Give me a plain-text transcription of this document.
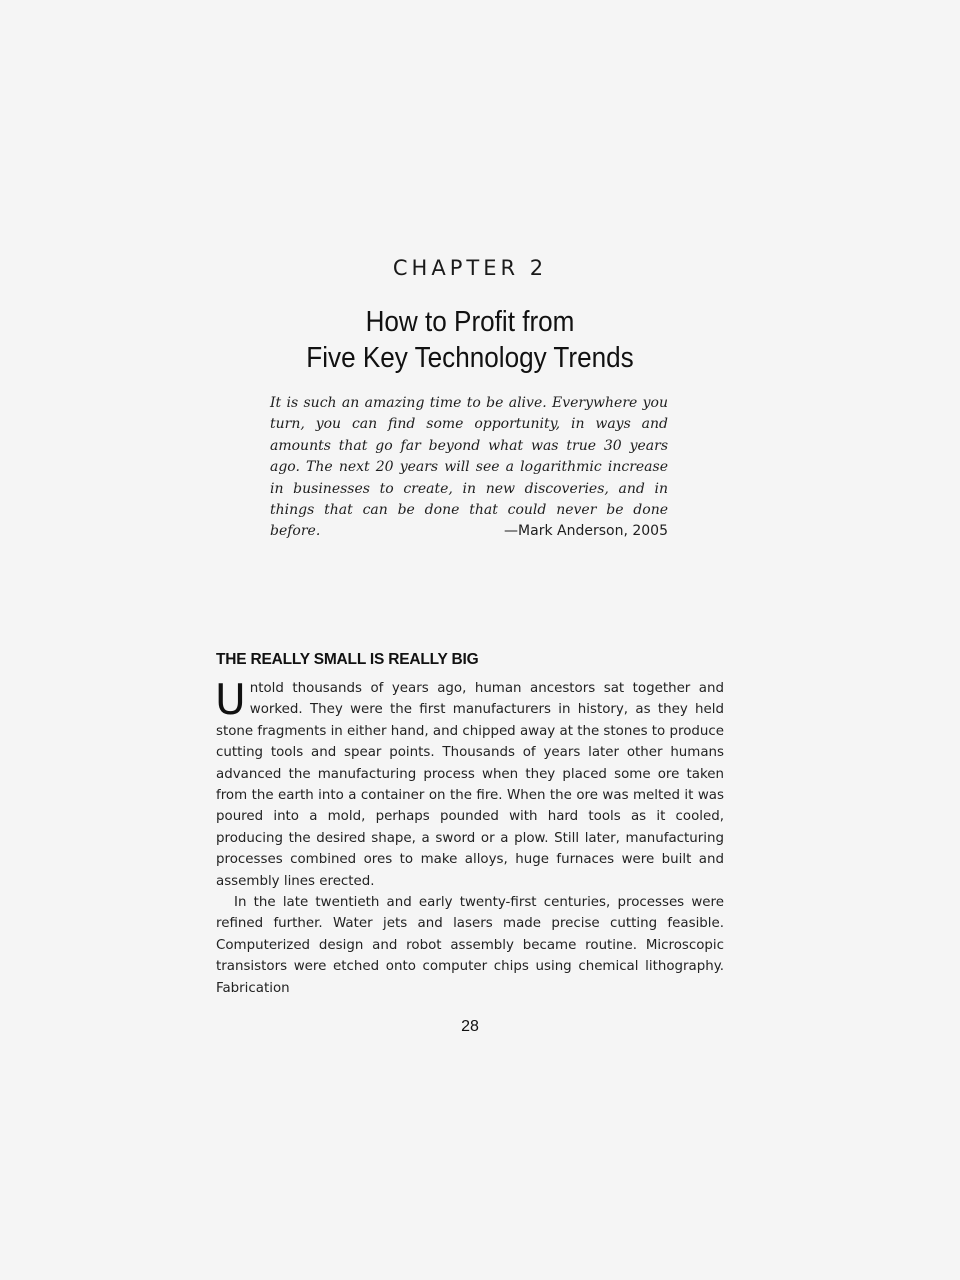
CHAPTER 2
How to Profit from
Five Key Technology Trends

It is such an amazing time to be alive. Everywhere you turn, you can find some opportunity, in ways and amounts that go far beyond what was true 30 years ago. The next 20 years will see a logarithmic increase in businesses to create, in new discoveries, and in things that can be done that could never be done before.	—Mark Anderson, 2005

THE REALLY SMALL IS REALLY BIG

Untold thousands of years ago, human ancestors sat together and worked. They were the first manufacturers in history, as they held stone fragments in either hand, and chipped away at the stones to produce cutting tools and spear points. Thousands of years later other humans advanced the manufacturing process when they placed some ore taken from the earth into a container on the fire. When the ore was melted it was poured into a mold, perhaps pounded with hard tools as it cooled, producing the desired shape, a sword or a plow. Still later, manufacturing processes combined ores to make alloys, huge furnaces were built and assembly lines erected.

In the late twentieth and early twenty-first centuries, processes were refined further. Water jets and lasers made precise cutting feasible. Computerized design and robot assembly became routine. Microscopic transistors were etched onto computer chips using chemical lithography. Fabrication

28
